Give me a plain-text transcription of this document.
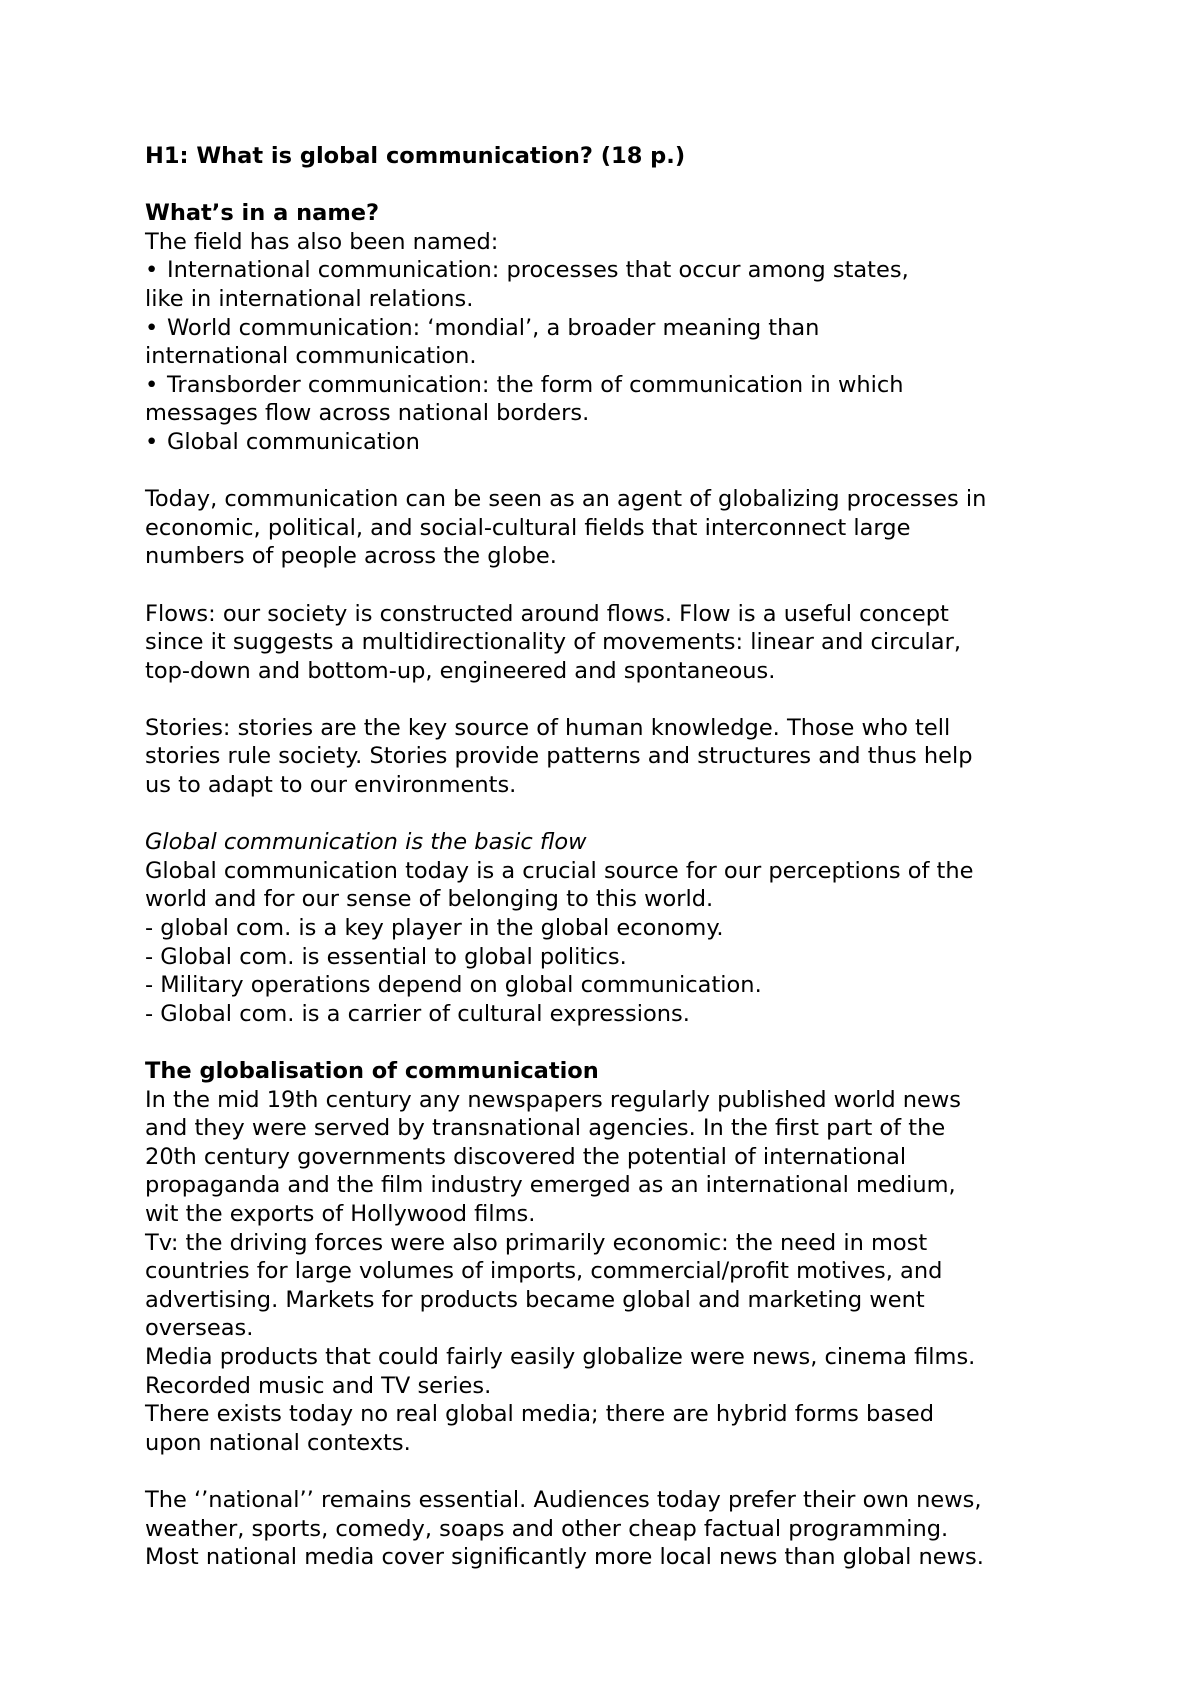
H1: What is global communication? (18 p.)
What’s in a name?
The field has also been named:
• International communication: processes that occur among states,
like in international relations.
• World communication: ‘mondial’, a broader meaning than
international communication.
• Transborder communication: the form of communication in which
messages flow across national borders.
• Global communication
Today, communication can be seen as an agent of globalizing processes in
economic, political, and social-cultural fields that interconnect large
numbers of people across the globe.
Flows: our society is constructed around flows. Flow is a useful concept
since it suggests a multidirectionality of movements: linear and circular,
top-down and bottom-up, engineered and spontaneous.
Stories: stories are the key source of human knowledge. Those who tell
stories rule society. Stories provide patterns and structures and thus help
us to adapt to our environments.
Global communication is the basic flow
Global communication today is a crucial source for our perceptions of the
world and for our sense of belonging to this world.
- global com. is a key player in the global economy.
- Global com. is essential to global politics.
- Military operations depend on global communication.
- Global com. is a carrier of cultural expressions.
The globalisation of communication
In the mid 19th century any newspapers regularly published world news
and they were served by transnational agencies. In the first part of the
20th century governments discovered the potential of international
propaganda and the film industry emerged as an international medium,
wit the exports of Hollywood films.
Tv: the driving forces were also primarily economic: the need in most
countries for large volumes of imports, commercial/profit motives, and
advertising. Markets for products became global and marketing went
overseas.
Media products that could fairly easily globalize were news, cinema films.
Recorded music and TV series.
There exists today no real global media; there are hybrid forms based
upon national contexts.
The ‘’national’’ remains essential. Audiences today prefer their own news,
weather, sports, comedy, soaps and other cheap factual programming.
Most national media cover significantly more local news than global news.
